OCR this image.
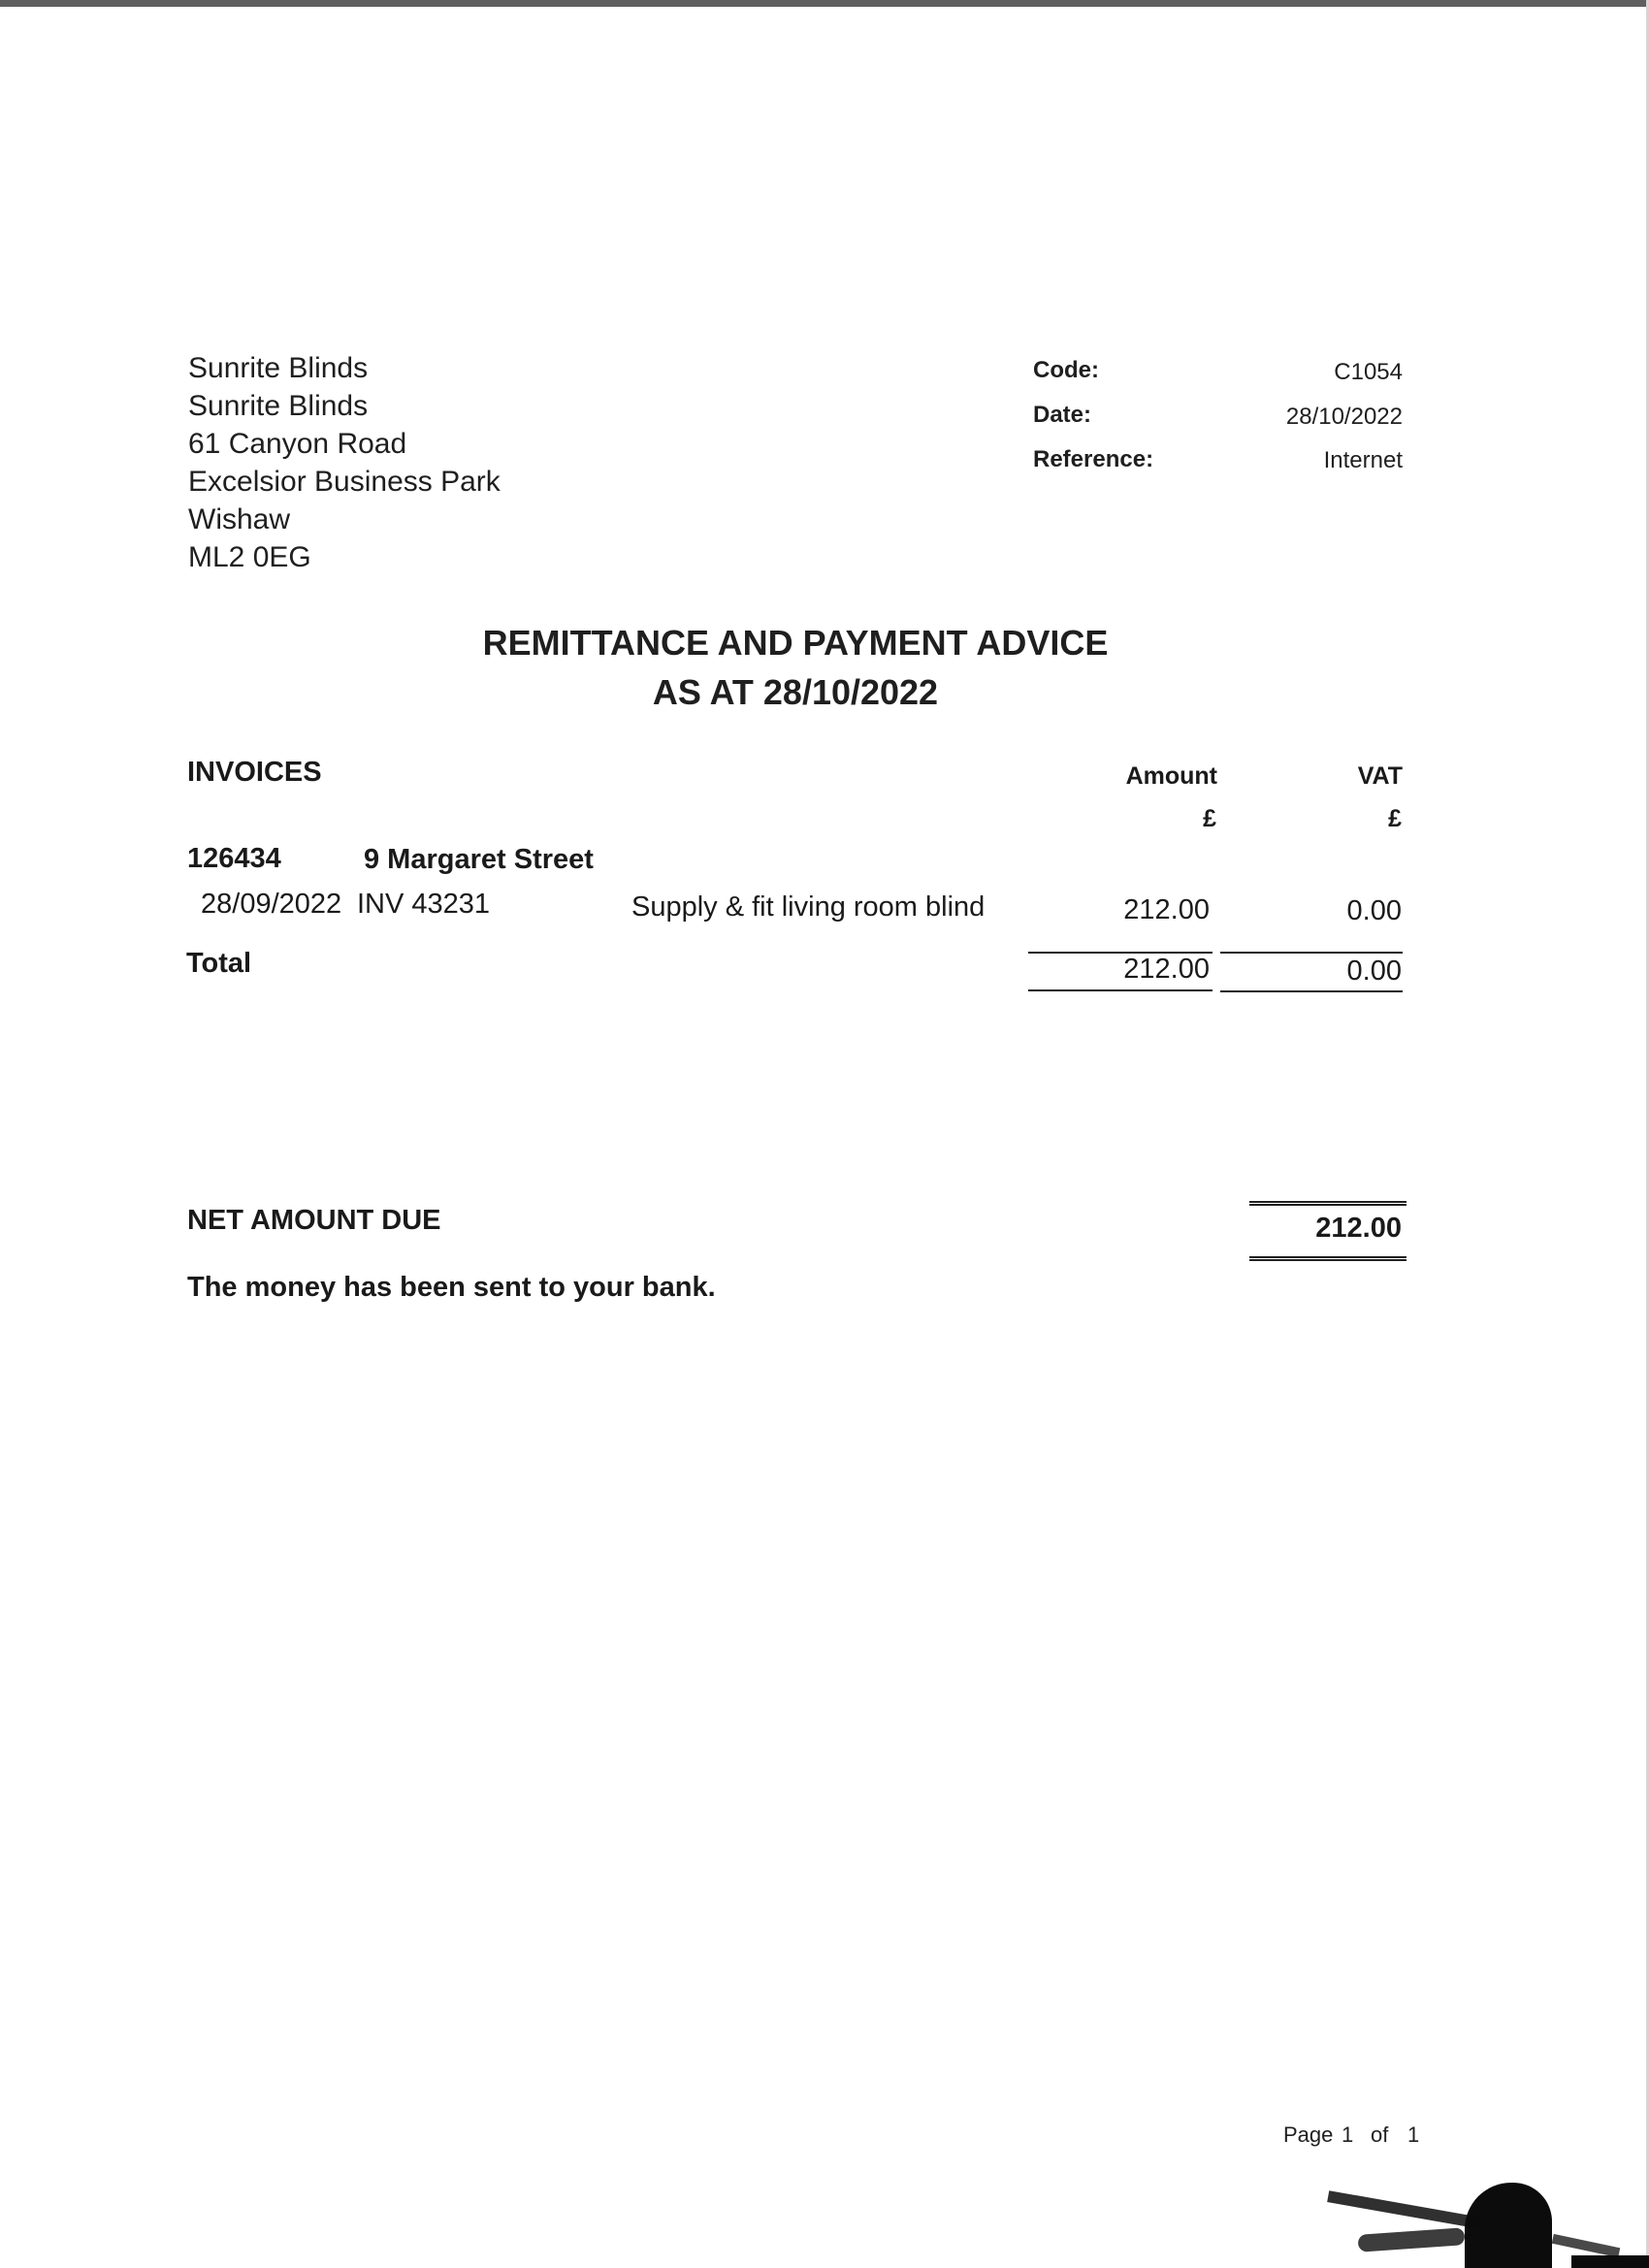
Sunrite Blinds
Sunrite Blinds
61 Canyon Road
Excelsior Business Park
Wishaw
ML2 0EG
Code:	C1054
Date:	28/10/2022
Reference:	Internet
REMITTANCE AND PAYMENT ADVICE
AS AT 28/10/2022
INVOICES	Amount	VAT
£	£
126434	9 Margaret Street
28/09/2022 INV 43231	Supply & fit living room blind	212.00	0.00
Total	212.00	0.00
NET AMOUNT DUE	212.00
The money has been sent to your bank.
Page 1 of 1
